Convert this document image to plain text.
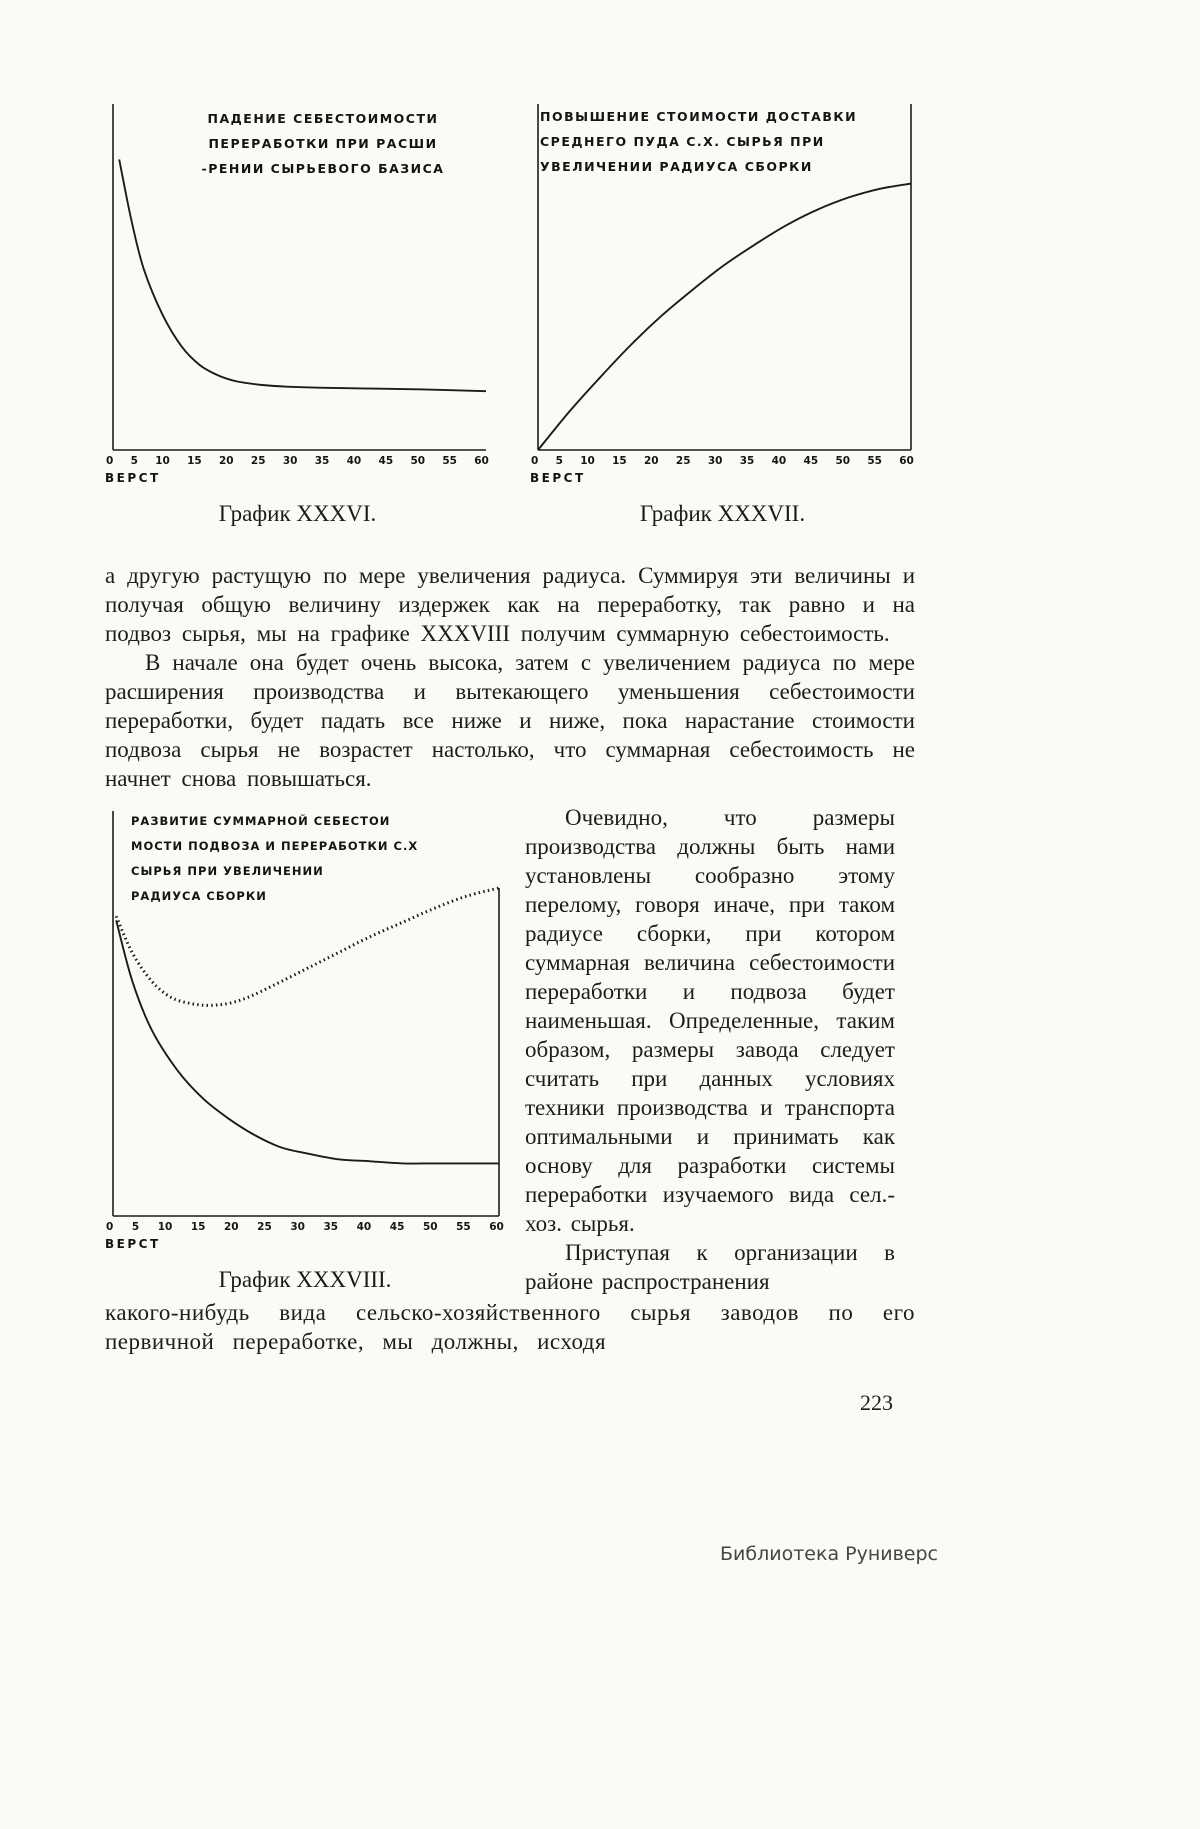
ПАДЕНИЕ СЕБЕСТОИМОСТИ
ПЕРЕРАБОТКИ ПРИ РАСШИ
-РЕНИИ СЫРЬЕВОГО БАЗИСА
0 5 10 15 20 25 30 35 40 45 50 55 60
ВЕРСТ
График XXXVI.
ПОВЫШЕНИЕ СТОИМОСТИ ДОСТАВКИ
СРЕДНЕГО ПУДА С.Х. СЫРЬЯ ПРИ
УВЕЛИЧЕНИИ РАДИУСА СБОРКИ
0 5 10 15 20 25 30 35 40 45 50 55 60
ВЕРСТ
График XXXVII.

а другую растущую по мере увеличения радиуса. Суммируя эти величины и получая общую величину издержек как на переработку, так равно и на подвоз сырья, мы на графике XXXVIII получим суммарную себестоимость.

В начале она будет очень высока, затем с увеличением радиуса по мере расширения производства и вытекающего уменьшения себестоимости переработки, будет падать все ниже и ниже, пока нарастание стоимости подвоза сырья не возрастет настолько, что суммарная себестоимость не начнет снова повышаться.

РАЗВИТИЕ СУММАРНОЙ СЕБЕСТОИ
МОСТИ ПОДВОЗА И ПЕРЕРАБОТКИ С.Х
СЫРЬЯ ПРИ УВЕЛИЧЕНИИ
РАДИУСА СБОРКИ
0 5 10 15 20 25 30 35 40 45 50 55 60
ВЕРСТ
График XXXVIII.

Очевидно, что размеры производства должны быть нами установлены сообразно этому перелому, говоря иначе, при таком радиусе сборки, при котором суммарная величина себестоимости переработки и подвоза будет наименьшая. Определенные, таким образом, размеры завода следует считать при данных условиях техники производства и транспорта оптимальными и принимать как основу для разработки системы переработки изучаемого вида сел.-хоз. сырья.

Приступая к организации в районе распространения

какого-нибудь вида сельско-хозяйственного сырья заводов по его первичной переработке, мы должны, исходя

223
Библиотека Руниверс
